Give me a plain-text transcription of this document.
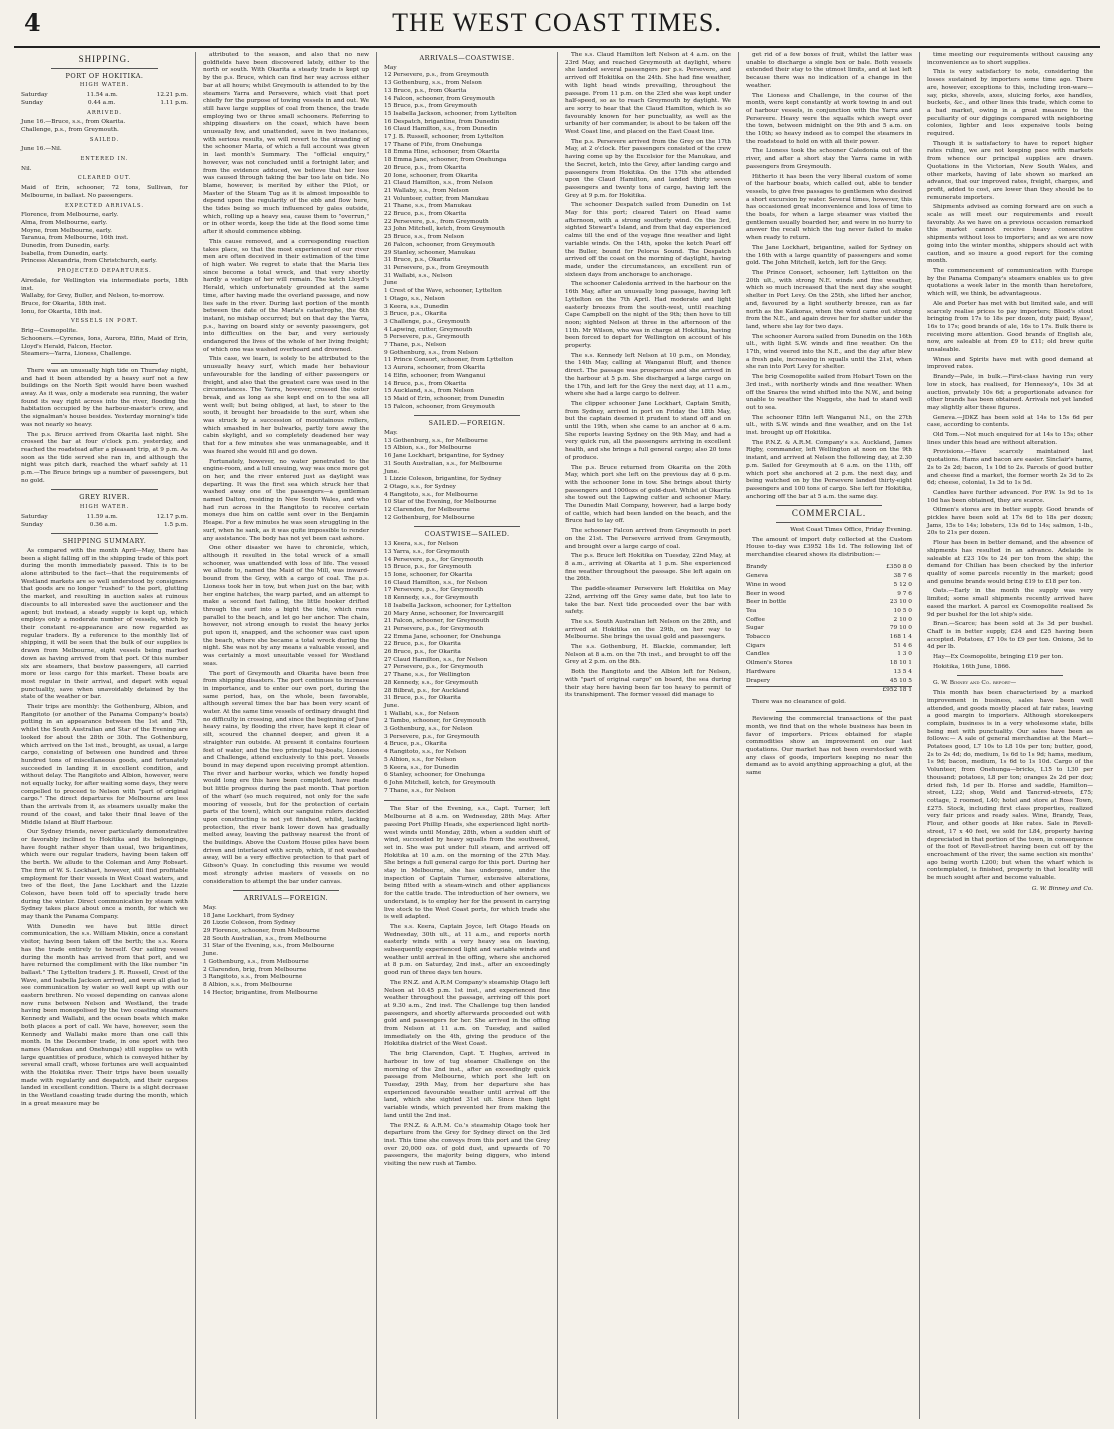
4	THE WEST COAST TIMES.
SHIPPING.
PORT OF HOKITIKA.
HIGH WATER.
Saturday	11.54 a.m.	12.21 p.m.
Sunday	0.44 a.m.	1.11 p.m.
ARRIVED.
June 16.—Bruce, s.s., from Okarita.
Challenge, p.s., from Greymouth.
SAILED.
June 16.—Nil.
ENTERED IN.
Nil.
CLEARED OUT.
Maid of Erin, schooner, 72 tons, Sullivan, for Melbourne, in ballast. No passengers.
EXPECTED ARRIVALS.
Florence, from Melbourne, early.
Alma, from Melbourne, early.
Moyne, from Melbourne, early.
Taranua, from Melbourne, 16th inst.
Dunedin, from Dunedin, early.
Isabella, from Dunedin, early.
Princess Alexandria, from Christchurch, early.
PROJECTED DEPARTURES.
Airedale, for Wellington via intermediate ports, 18th inst.
Wallaby, for Grey, Buller, and Nelson, to-morrow.
Bruce, for Okarita, 18th inst.
Ionu, for Okarita, 18th inst.
VESSELS IN PORT.
Brig—Cosmopolite.
Schooners.—Cyrenes, Ions, Aurora, Elfin, Maid of Erin, Lloyd's Herald, Falcon, Hector.
Steamers—Yarra, Lioness, Challenge.
There was an unusually high tide on Thursday night, and had it been attended by a heavy surf not a few buildings on the North Spit would have been washed away. As it was, only a moderate sea running, the water found its way right across into the river, flooding the habitation occupied by the harbour-master's crew, and the signalman's house besides. Yesterday morning's tide was not nearly so heavy.
The p.s. Bruce arrived from Okarita last night. She crossed the bar at four o'clock p.m. yesterday, and reached the roadstead after a pleasant trip, at 9 p.m. As soon as the tide served she ran in, and although the night was pitch dark, reached the wharf safely at 11 p.m.—The Bruce brings up a number of passengers, but no gold.
GREY RIVER.
HIGH WATER.
Saturday	11.59 a.m.	12.17 p.m.
Sunday	0.36 a.m.	1.5 p.m.
SHIPPING SUMMARY.
As compared with the month April—May, there has been a slight falling off in the shipping trade of this port during the month immediately passed. This is to be alone attributed to the fact—that the requirements of Westland markets are so well understood by consigners that goods are no longer "rushed" to the port, glutting the market, and resulting in auction sales at ruinous discounts to all interested save the auctioneer and the agent; but instead, a steady supply is kept up, which employs only a moderate number of vessels, which by their constant re-appearance are now regarded as regular traders. By a reference to the monthly list of shipping, it will be seen that the bulk of our supplies is drawn from Melbourne, eight vessels being marked down as having arrived from that port. Of this number six are steamers, that bestow passengers, all carried more or less cargo for this market. These boats are most regular in their arrival, and depart with equal punctuality, save when unavoidably detained by the state of the weather or bar.
Their trips are monthly: the Gothenburg, Albion, and Rangitoto (or another of the Panama Company's boats) putting in an appearance between the 1st and 7th, whilst the South Australian and Star of the Evening are looked for about the 28th or 30th. The Gothenburg, which arrived on the 1st inst., brought, as usual, a large cargo, consisting of between one hundred and three hundred tons of miscellaneous goods, and fortunately succeeded in landing it in excellent condition, and without delay. The Rangitoto and Albion, however, were not equally lucky, for after waiting some days, they were compelled to proceed to Nelson with "part of original cargo." The direct departures for Melbourne are less than the arrivals from it, as steamers usually make the round of the coast, and take their final leave of the Middle Island at Bluff Harbour.
Our Sydney friends, never particularly demonstrative or favorably inclined to Hokitika and its belongings, have fought rather shyer than usual, two brigantines, which were our regular traders, having been taken off the berth. We allude to the Coleman and Amy Robsart. The firm of W. S. Lockhart, however, still find profitable employment for their vessels in West Coast waters, and two of the fleet, the Jane Lockhart and the Lizzie Coleson, have been told off to specially trade here during the winter. Direct communication by steam with Sydney takes place about once a month, for which we may thank the Panama Company.
With Dunedin we have but little direct communication, the s.s. William Miskin, once a constant visitor, having been taken off the berth; the s.s. Keera has the trade entirely to herself. Our sailing vessel during the month has arrived from that port, and we have returned the compliment with the like number "in ballast." The Lyttelton traders J. R. Russell, Crest of the Wave, and Isabella Jackson arrived, and were all glad to see communication by water so well kept up with our eastern brethren. No vessel depending on canvas alone now runs between Nelson and Westland, the trade having been monopolised by the two coasting steamers Kennedy and Wallabi, and the ocean boats which make both places a port of call. We have, however, seen the Kennedy and Wallabi make more than one call this month. In the December trade, in one sport with two names (Manukau and Onehunga) still supplies us with large quantities of produce, which is conveyed hither by several small craft, whose fortunes are well acquainted with the Hokitika river. Their trips have been usually made with regularity and despatch, and their cargoes landed in excellent condition. There is a slight decrease in the Westland coasting trade during the month, which in a great measure may be
attributed to the season, and also that no new goldfields have been discovered lately, either to the north or south. With Okarita a steady trade is kept up by the p.s. Bruce, which can find her way across either bar at all hours; whilst Greymouth is attended to by the steamers Yarra and Persevere, which visit that port chiefly for the purpose of towing vessels in and out. We still have large supplies of coal from thence, the trade employing two or three small schooners. Referring to shipping disasters on the coast, which have been unusually few, and unattended, save in two instances, with serious results, we will revert to the stranding of the schooner Maria, of which a full account was given in last month's Summary. The "official enquiry," however, was not concluded until a fortnight later, and from the evidence adduced, we believe that her loss was caused through taking the bar too late on tide. No blame, however, is merited by either the Pilot, or Master of the Steam Tug as it is almost impossible to depend upon the regularity of the ebb and flow here, the tides being so much influenced by gales outside, which, rolling up a heavy sea, cause them to "overrun," or in other words, keep the tide at the flood some time after it should commence ebbing.
This cause removed, and a corresponding reaction takes place, so that the most experienced of our river men are often deceived in their estimation of the time of high water. We regret to state that the Maria lies since become a total wreck, and that very shortly hardly a vestige of her will remain. The ketch Lloyd's Herald, which unfortunately grounded at the same time, after having made the overland passage, and now lies safe in the river. During last portion of the month between the date of the Maria's catastrophe, the 6th instant, no mishap occurred; but on that day the Yarra, p.s., having on board sixty or seventy passengers, got into difficulties on the bar, and very seriously endangered the lives of the whole of her living freight; of which one was washed overboard and drowned.
This case, we learn, is solely to be attributed to the unusually heavy surf, which made her behaviour unfavourable for the landing of either passengers or freight, and also that the greatest care was used in the circumstances. The Yarra, however, crossed the outer break, and as long as she kept end on to the sea all went well; but being obliged, at last, to steer to the south, it brought her broadside to the surf, when she was struck by a succession of mountainous rollers, which smashed in her bulwarks, partly tore away the cabin skylight, and so completely deadened her way that for a few minutes she was unmanageable, and it was feared she would fill and go down.
Fortunately, however, no water penetrated to the engine-room, and a lull ensuing, way was once more got on her, and the river entered just as daylight was departing. It was the first sea which struck her that washed away one of the passengers—a gentleman named Dalton, residing in New South Wales, and who had run across in the Rangitoto to receive certain moneys due him on cattle sent over in the Benjamin Heape. For a few minutes he was seen struggling in the surf, when he sank, as it was quite impossible to render any assistance. The body has not yet been cast ashore.
One other disaster we have to chronicle, which, although it resulted in the total wreck of a small schooner, was unattended with loss of life. The vessel we allude to, named the Maid of the Mill, was inward-bound from the Grey, with a cargo of coal. The p.s. Lioness took her in tow, but when just on the bar, with her engine hatches, the warp parted, and an attempt to make a second fast failing, the little hooker drifted through the surf into a bight the tide, which runs parallel to the beach, and let go her anchor. The chain, however, not strong enough to resist the heavy jerks put upon it, snapped, and the schooner was cast upon the beach, where she became a total wreck during the night. She was not by any means a valuable vessel, and was certainly a most unsuitable vessel for Westland seas.
The port of Greymouth and Okarita have been free from shipping disasters. The port continues to increase in importance, and to enter our own port, during the same period, has, on the whole, been favorable, although several times the bar has been very scant of water. At the same time vessels of ordinary draught find no difficulty in crossing, and since the beginning of June heavy rains, by flooding the river, have kept it clear of silt, scoured the channel deeper, and given it a straighter run outside. At present it contains fourteen feet of water, and the two principal tug-boats, Lioness and Challenge, attend exclusively to this port. Vessels bound in may depend upon receiving prompt attention. The river and harbour works, which we fondly hoped would long ere this have been completed, have made but little progress during the past month. That portion of the wharf (so much required, not only for the safe mooring of vessels, but for the protection of certain parts of the town), which our sanguine rulers decided upon constructing is not yet finished, whilst, lacking protection, the river bank lower down has gradually melted away, leaving the pathway nearest the front of the buildings. Above the Custom House piles have been driven and interlaced with scrub, which, if not washed away, will be a very effective protection to that part of Gibson's Quay. In concluding this resume we would most strongly advise masters of vessels on no consideration to attempt the bar under canvas.
ARRIVALS—FOREIGN.
May.
18 Jane Lockhart, from Sydney
26 Lizzie Coleson, from Sydney
29 Florence, schooner, from Melbourne
28 South Australian, s.s., from Melbourne
31 Star of the Evening, s.s., from Melbourne
June.
1 Gothenburg, s.s., from Melbourne
2 Clarendon, brig, from Melbourne
3 Rangitoto, s.s., from Melbourne
8 Albion, s.s., from Melbourne
14 Hector, brigantine, from Melbourne
ARRIVALS—COASTWISE.
May
12 Persevere, p.s., from Greymouth
13 Gothenburg, s.s., from Nelson
13 Bruce, p.s., from Okarita
14 Falcon, schooner, from Greymouth
15 Bruce, p.s., from Greymouth
15 Isabella Jackson, schooner, from Lyttelton
16 Despatch, brigantine, from Dunedin
16 Claud Hamilton, s.s., from Dunedin
17 J. B. Russell, schooner, from Lyttelton
17 Thane of Fife, from Onehunga
18 Emma Hine, schooner, from Okarita
18 Emma Jane, schooner, from Onehunga
20 Bruce, p.s., from Okarita
20 Ione, schooner, from Okarita
21 Claud Hamilton, s.s., from Nelson
21 Wallaby, s.s., from Nelson
21 Volunteer, cutter, from Manukau
21 Thane, s.s., from Manukau
22 Bruce, p.s., from Okarita
22 Persevere, p.s., from Greymouth
23 John Mitchell, ketch, from Greymouth
25 Bruce, s.s., from Nelson
26 Falcon, schooner, from Greymouth
29 Stanley, schooner, Manukau
31 Bruce, p.s., Okarita
31 Persevere, p.s., from Greymouth
31 Wallabi, s.s., Nelson
June
1 Crest of the Wave, schooner, Lyttelton
1 Otago, s.s., Nelson
3 Keera, s.s., Dunedin
3 Bruce, p.s., Okarita
3 Challenge, p.s., Greymouth
4 Lapwing, cutter, Greymouth
5 Persevere, p.s., Greymouth
7 Thane, p.s., Nelson
9 Gothenburg, s.s., from Nelson
11 Prince Consort, schooner, from Lyttelton
13 Aurora, schooner, from Okarita
14 Elfin, schooner, from Wanganui
14 Bruce, p.s., from Okarita
15 Auckland, s.s., from Nelson
15 Maid of Erin, schooner, from Dunedin
15 Falcon, schooner, from Greymouth
SAILED.—FOREIGN.
May.
13 Gothenburg, s.s., for Melbourne
15 Albion, s.s., for Melbourne
16 Jane Lockhart, brigantine, for Sydney
31 South Australian, s.s., for Melbourne
June.
1 Lizzie Coleson, brigantine, for Sydney
2 Otago, s.s., for Sydney
4 Rangitoto, s.s., for Melbourne
10 Star of the Evening, for Melbourne
12 Clarendon, for Melbourne
12 Gothenburg, for Melbourne
COASTWISE—SAILED.
13 Keera, s.s., for Nelson
13 Yarra, s.s., for Greymouth
14 Persevere, p.s., for Greymouth
15 Bruce, p.s., for Greymouth
15 Ione, schooner, for Okarita
16 Claud Hamilton, s.s., for Nelson
17 Persevere, p.s., for Greymouth
18 Kennedy, s.s., for Greymouth
18 Isabella Jackson, schooner, for Lyttelton
20 Mary Anne, schooner, for Invercargill
21 Falcon, schooner, for Greymouth
21 Persevere, p.s., for Greymouth
22 Emma Jane, schooner, for Onehunga
22 Bruce, p.s., for Okarita
26 Bruce, p.s., for Okarita
27 Claud Hamilton, s.s., for Nelson
27 Persevere, p.s., for Greymouth
27 Thane, s.s., for Wellington
28 Kennedy, s.s., for Greymouth
28 Bilbrat, p.s., for Auckland
31 Bruce, p.s., for Okarita
June.
1 Wallabi, s.s., for Nelson
2 Tambo, schooner, for Greymouth
3 Gothenburg, s.s., for Nelson
3 Persevere, p.s., for Greymouth
4 Bruce, p.s., Okarita
4 Rangitoto, s.s., for Nelson
5 Albion, s.s., for Nelson
5 Keera, s.s., for Dunedin
6 Stanley, schooner, for Onehunga
6 John Mitchell, ketch, for Greymouth
7 Thane, s.s., for Nelson
The Star of the Evening, s.s., Capt. Turner, left Melbourne at 8 a.m. on Wednesday, 28th May. After passing Port Phillip Heads, she experienced light north-west winds until Monday, 28th, when a sudden shift of wind, succeeded by heavy squalls from the southwest, set in. She was put under full steam, and arrived off Hokitika at 10 a.m. on the morning of the 27th May. She brings a full general cargo for this port. During her stay in Melbourne, she has undergone, under the inspection of Captain Turner, extensive alterations, being fitted with a steam-winch and other appliances for the cattle trade. The introduction of her owners, we understand, is to employ her for the present in carrying live stock to the West Coast ports, for which trade she is well adapted.
The s.s. Keera, Captain Joyce, left Otago Heads on Wednesday, 30th ult., at 11 a.m., and reports north easterly winds with a very heavy sea on leaving, subsequently experienced light and variable winds and weather until arrival in the offing, where she anchored at 8 p.m. on Saturday, 2nd inst., after an exceedingly good run of three days ten hours.
The P.N.Z. and A.R.M Company's steamship Otago left Nelson at 10.45 p.m. 1st inst., and experienced fine weather throughout the passage, arriving off this port at 9.30 a.m., 2nd inst. The Challenge tug then landed passengers, and shortly afterwards proceeded out with gold and passengers for her. She arrived in the offing from Nelson at 11 a.m. on Tuesday, and sailed immediately on the 4th, giving the produce of the Hokitika district of the West Coast.
The brig Clarendon, Capt. T. Hughes, arrived in harbour in tow of tug steamer Challenge on the morning of the 2nd inst., after an exceedingly quick passage from Melbourne, which port she left on Tuesday, 29th May, from her departure she has experienced favourable weather until arrival off the land, which she sighted 31st ult. Since then light variable winds, which prevented her from making the land until the 2nd inst.
The P.N.Z. & A.R.M. Co.'s steamship Otago took her departure from the Grey for Sydney direct on the 3rd inst. This time she conveys from this port and the Grey over 20,000 ozs. of gold dust, and upwards of 70 passengers, the majority being diggers, who intend visiting the new rush at Tambo.
The s.s. Claud Hamilton left Nelson at 4 a.m. on the 23rd May, and reached Greymouth at daylight, where she landed several passengers per p.s. Persevere, and arrived off Hokitika on the 24th. She had fine weather, with light head winds prevailing, throughout the passage. From 11 p.m. on the 23rd she was kept under half-speed, so as to reach Greymouth by daylight. We are sorry to hear that the Claud Hamilton, which is so favourably known for her punctuality, as well as the urbanity of her commander, is about to be taken off the West Coast line, and placed on the East Coast line.
The p.s. Persevere arrived from the Grey on the 17th May, at 2 o'clock. Her passengers consisted of the crew having come up by the Excelsior for the Manukau, and the Secret, ketch, into the Grey, after landing cargo and passengers from Hokitika. On the 17th she attended upon the Claud Hamilton, and landed thirty seven passengers and twenty tons of cargo, having left the Grey at 9 p.m. for Hokitika.
The schooner Despatch sailed from Dunedin on 1st May for this port; cleared Taieri on Head same afternoon, with a strong southerly wind. On the 3rd, sighted Stewart's Island, and from that day experienced calms till the end of the voyage fine weather and light variable winds. On the 14th, spoke the ketch Pearl off the Buller, bound for Pelorus Sound. The Despatch arrived off the coast on the morning of daylight, having made, under the circumstances, an excellent run of sixteen days from anchorage to anchorage.
The schooner Caledonia arrived in the harbour on the 16th May, after an unusually long passage, having left Lyttelton on the 7th April. Had moderate and light easterly breezes from the south-west, until reaching Cape Campbell on the night of the 9th; then hove to till noon; sighted Nelson at three in the afternoon of the 11th. Mr Wilson, who was in charge at Hokitika, having been forced to depart for Wellington on account of his property.
The s.s. Kennedy left Nelson at 10 p.m., on Monday, the 14th May, calling at Wanganui Bluff, and thence direct. The passage was prosperous and she arrived in the harbour at 5 p.m. She discharged a large cargo on the 17th, and left for the Grey the next day, at 11 a.m., where she had a large cargo to deliver.
The clipper schooner Jane Lockhart, Captain Smith, from Sydney, arrived in port on Friday the 18th May, but the captain deemed it prudent to stand off and on until the 19th, when she came to an anchor at 6 a.m. She reports leaving Sydney on the 9th May, and had a very quick run, all the passengers arriving in excellent health, and she brings a full general cargo; also 20 tons of produce.
The p.s. Bruce returned from Okarita on the 20th May, which port she left on the previous day at 6 p.m. with the schooner Ione in tow. She brings about thirty passengers and 1000ozs of gold-dust. Whilst at Okarita she towed out the Lapwing cutter and schooner Mary. The Dunedin Mail Company, however, had a large body of cattle, which had been landed on the beach, and the Bruce had to lay off.
The schooner Falcon arrived from Greymouth in port on the 21st. The Persevere arrived from Greymouth, and brought over a large cargo of coal.
The p.s. Bruce left Hokitika on Tuesday, 22nd May, at 8 a.m., arriving at Okarita at 1 p.m. She experienced fine weather throughout the passage. She left again on the 26th.
The paddle-steamer Persevere left Hokitika on May 22nd, arriving off the Grey same date, but too late to take the bar. Next tide proceeded over the bar with safety.
The s.s. South Australian left Nelson on the 28th, and arrived at Hokitika on the 29th, on her way to Melbourne. She brings the usual gold and passengers.
The s.s. Gothenburg, H. Blackie, commander, left Nelson at 8 a.m. on the 7th inst., and brought to off the Grey at 2 p.m. on the 8th.
Both the Rangitoto and the Albion left for Nelson, with "part of original cargo" on board, the sea during their stay here having been far too heavy to permit of its transhipment. The former vessel did manage to
get rid of a few boxes of fruit, whilst the latter was unable to discharge a single box or bale. Both vessels extended their stay to the utmost limits, and at last left because there was no indication of a change in the weather.
The Lioness and Challenge, in the course of the month, were kept constantly at work towing in and out of harbour vessels, in conjunction with the Yarra and Persevere. Heavy were the squalls which swept over the town, between midnight on the 9th and 5 a.m. on the 10th; so heavy indeed as to compel the steamers in the roadstead to hold on with all their power.
The Lioness took the schooner Caledonia out of the river, and after a short stay the Yarra came in with passengers from Greymouth.
Hitherto it has been the very liberal custom of some of the harbour boats, which called out, able to tender vessels, to give free passages to gentlemen who desired a short excursion by water. Several times, however, this has occasioned great inconvenience and loss of time to the boats, for when a large steamer was visited the gentlemen usually boarded her, and were in no hurry to answer the recall which the tug never failed to make when ready to return.
The Jane Lockhart, brigantine, sailed for Sydney on the 16th with a large quantity of passengers and some gold. The John Mitchell, ketch, left for the Grey.
The Prince Consort, schooner, left Lyttelton on the 20th ult., with strong N.E. winds and fine weather, which so much increased that the next day she sought shelter in Port Levy. On the 25th, she lifted her anchor, and, favoured by a light southerly breeze, ran as far north as the Kaikoras, when the wind came out strong from the N.E., and again drove her for shelter under the land, where she lay for two days.
The schooner Aurora sailed from Dunedin on the 16th ult., with light S.W. winds and fine weather. On the 17th, wind veered into the N.E., and the day after blew a fresh gale, increasing in squalls until the 21st, when she ran into Port Levy for shelter.
The brig Cosmopolite sailed from Hobart Town on the 3rd inst., with northerly winds and fine weather. When off the Snares the wind shifted into the N.W., and being unable to weather the Nuggets, she had to stand well out to sea.
The schooner Elfin left Wanganui N.I., on the 27th ult., with S.W. winds and fine weather, and on the 1st inst. brought up off Hokitika.
The P.N.Z. & A.R.M. Company's s.s. Auckland, James Rigby, commander, left Wellington at noon on the 9th instant, and arrived at Nelson the following day, at 2.30 p.m. Sailed for Greymouth at 6 a.m. on the 11th, off which port she anchored at 2 p.m. the next day, and being watched on by the Persevere landed thirty-eight passengers and 100 tons of cargo. She left for Hokitika, anchoring off the bar at 5 a.m. the same day.
COMMERCIAL.
West Coast Times Office, Friday Evening.
The amount of import duty collected at the Custom House to-day was £3952 18s 1d. The following list of merchandise cleared shows its distribution:—
Brandy	£350 8 0
Geneva	38 7 6
Wine in wood	5 12 0
Beer in wood	9 7 6
Beer in bottle	23 10 0
Tea	10 5 0
Coffee	2 10 0
Sugar	79 10 0
Tobacco	168 1 4
Cigars	51 4 6
Candles	1 3 0
Oilmen's Stores	18 10 1
Hardware	13 5 4
Drapery	45 10 5
	£952 18 1
There was no clearance of gold.
Reviewing the commercial transactions of the past month, we find that on the whole business has been in favor of importers. Prices obtained for staple commodities show an improvement on our last quotations. Our market has not been overstocked with any class of goods, importers keeping no near the demand as to avoid anything approaching a glut, at the same
time meeting our requirements without causing any inconvenience as to short supplies.
This is very satisfactory to note, considering the losses sustained by importers some time ago. There are, however, exceptions to this, including iron-ware—say, picks, shovels, axes, sluicing forks, axe handles, buckets, &c., and other lines this trade, which come to a bad market, owing in a great measure to the peculiarity of our diggings compared with neighboring colonies, lighter and less expensive tools being required.
Though it is satisfactory to have to report higher rates ruling, we are not keeping pace with markets from whence our principal supplies are drawn. Quotations in the Victorian, New South Wales, and other markets, having of late shown so marked an advance, that our improved rates, freight, charges, and profit, added to cost, are lower than they should be to remunerate importers.
Shipments advised as coming forward are on such a scale as will meet our requirements and result favorably. As we have on a previous occasion remarked this market cannot receive heavy consecutive shipments without loss to importers; and as we are now going into the winter months, shippers should act with caution, and so insure a good report for the coming month.
The commencement of communication with Europe by the Panama Company's steamers enables us to give quotations a week later in the month than heretofore, which will, we think, be advantageous.
Ale and Porter has met with but limited sale, and will scarcely realise prices to pay importers; Blood's stout bringing from 17s to 18s per dozen, duty paid; Byass', 16s to 17s; good brands of ale, 16s to 17s. Bulk there is receiving more attention. Good brands of English ale, now, are saleable at from £9 to £11; old brew quite unsaleable.
Wines and Spirits have met with good demand at improved rates.
Brandy—Pale, in bulk.—First-class having run very low in stock, has realised, for Hennessy's, 10s 3d at auction, privately 10s 6d; a proportionate advance for other brands has been obtained. Arrivals not yet landed may slightly alter these figures.
Geneva.—JDKZ has been sold at 14s to 15s 6d per case, according to contents.
Old Tom.—Not much enquired for at 14s to 15s; other lines under this head are without alteration.
Provisions.—Have scarcely maintained last quotations. Hams and bacon are easier. Sinclair's hams, 2s to 2s 2d; bacon, 1s 10d to 2s. Parcels of good butter and cheese find a market, the former worth 2s 3d to 2s 6d; cheese, colonial, 1s 3d to 1s 5d.
Candles have further advanced. For P.W. 1s 9d to 1s 10d has been obtained, they are scarce.
Oilmen's stores are in better supply. Good brands of pickles have been sold at 17s 6d to 18s per dozen; Jams, 15s to 14s; lobsters, 13s 6d to 14s; salmon, 1-lb., 20s to 21s per dozen.
Flour has been in better demand, and the absence of shipments has resulted in an advance. Adelaide is saleable at £23 10s to 24 per ton from the ship; the demand for Chilian has been checked by the inferior quality of some parcels recently in the market; good and genuine brands would bring £19 to £18 per ton.
Oats.—Early in the month the supply was very limited; some small shipments recently arrived have eased the market. A parcel ex Cosmopolite realised 5s 9d per bushel for the lot ship's side.
Bran.—Scarce; has been sold at 3s 3d per bushel. Chaff is in better supply, £24 and £25 having been accepted. Potatoes, £7 10s to £9 per ton. Onions, 3d to 4d per lb.
Hay—Ex Cosmopolite, bringing £19 per ton.
Hokitika, 16th June, 1866.
G. W. Binney and Co. report—
This month has been characterised by a marked improvement in business, sales have been well attended, and goods mostly placed at fair rates, leaving a good margin to importers. Although storekeepers complain, business is in a very wholesome state, bills being met with punctuality. Our sales have been as follows:— A sale of general merchandise at the Mart—Potatoes good, L7 10s to L8 10s per ton; butter, good, 2s to 2s 4d; do, medium, 1s 6d to 1s 9d; hams, medium, 1s 9d; bacon, medium, 1s 6d to 1s 10d. Cargo of the Volunteer, from Onehunga—bricks, L15 to L30 per thousand; potatoes, L8 per ton; oranges 2s 2d per doz; dried fish, 1d per lb. Horse and saddle, Hamilton—street, L22; shop, Weld and Tancred-streets, £75; cottage, 2 roomed, L40; hotel and store at Ross Town, £275. Stock, including first class properties, realized very fair prices and ready sales. Wine, Brandy, Teas, Flour, and other goods at like rates. Sale in Revell-street, 17 x 40 feet, we sold for L84, property having depreciated in that portion of the town, in consequence of the foot of Revell-street having been cut off by the encroachment of the river, the same section six months' ago being worth L200; but when the wharf which is contemplated, is finished, property in that locality will be much sought after and become valuable.
G. W. Binney and Co.
